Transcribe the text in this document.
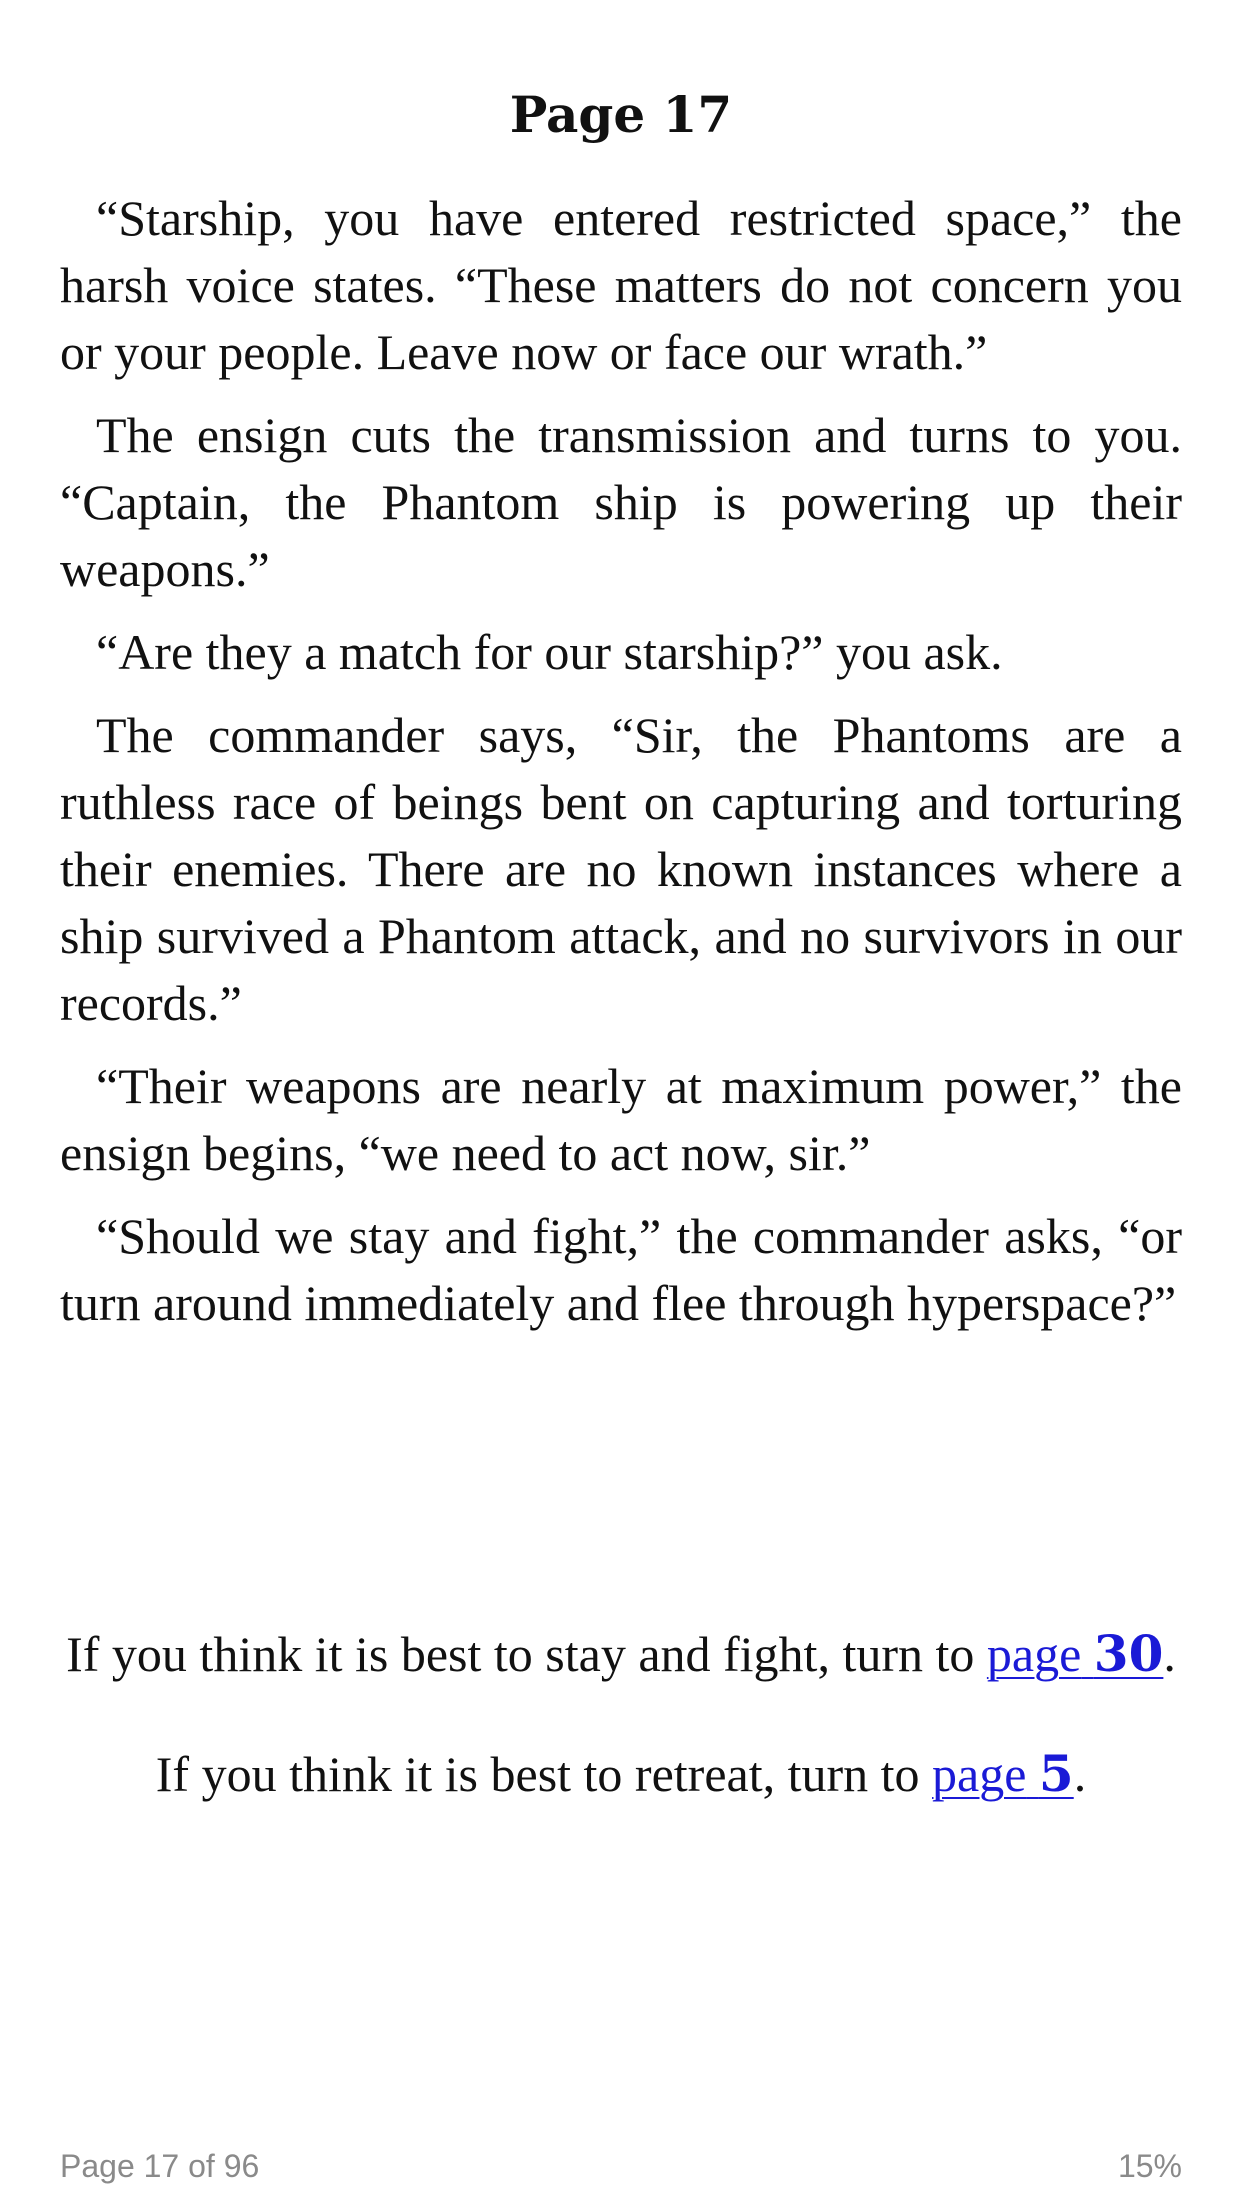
Page 17

“Starship, you have entered restricted space,” the harsh voice states. “These matters do not concern you or your people. Leave now or face our wrath.”

The ensign cuts the transmission and turns to you. “Captain, the Phantom ship is powering up their weapons.”

“Are they a match for our starship?” you ask.

The commander says, “Sir, the Phantoms are a ruthless race of beings bent on capturing and torturing their enemies. There are no known instances where a ship survived a Phantom attack, and no survivors in our records.”

“Their weapons are nearly at maximum power,” the ensign begins, “we need to act now, sir.”

“Should we stay and fight,” the commander asks, “or turn around immediately and flee through hyperspace?”

If you think it is best to stay and fight, turn to page 30.

If you think it is best to retreat, turn to page 5.

Page 17 of 96	15%
